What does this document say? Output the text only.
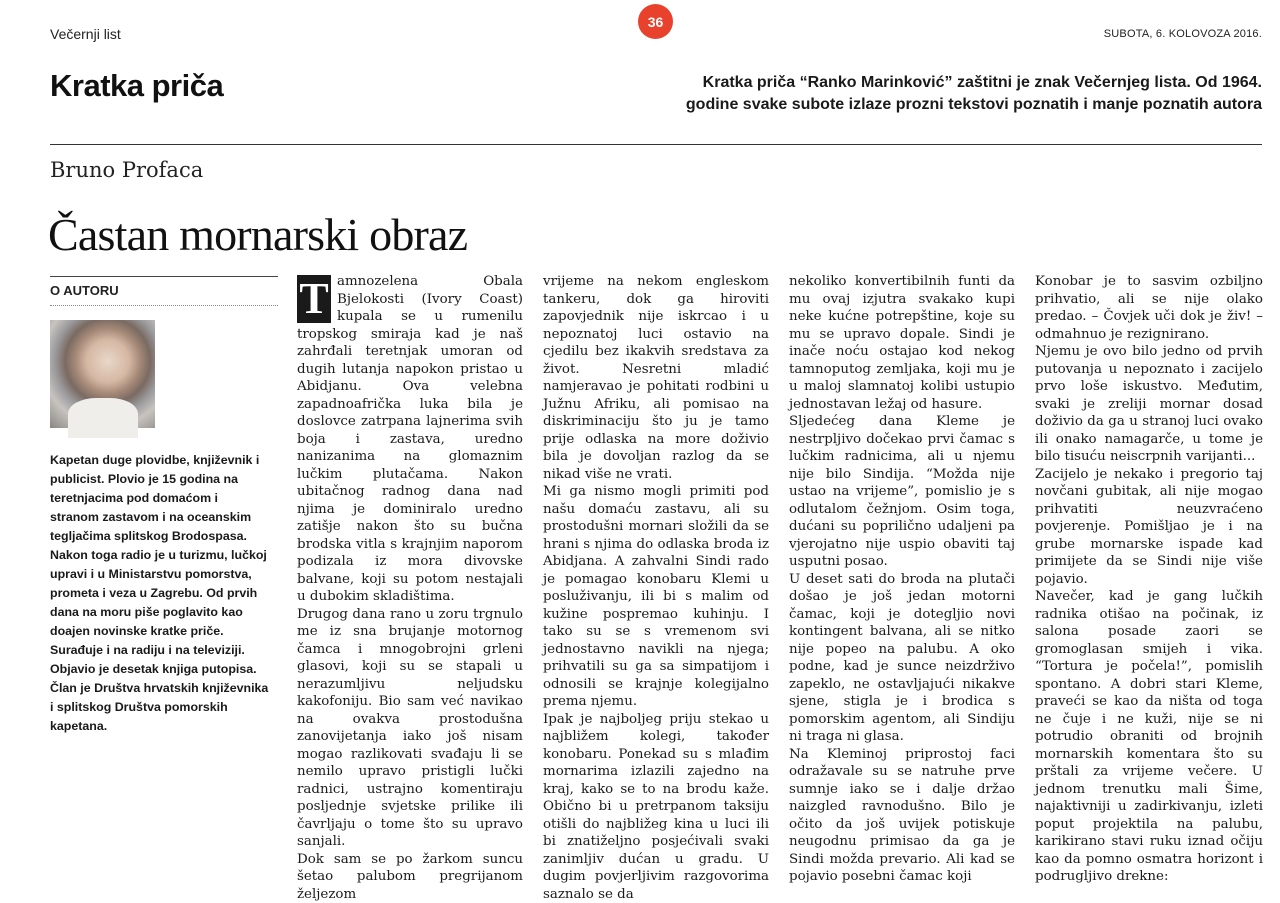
Večernji list
36
SUBOTA, 6. KOLOVOZA 2016.
Kratka priča	Kratka priča “Ranko Marinković” zaštitni je znak Večernjeg lista. Od 1964. godine svake subote izlaze prozni tekstovi poznatih i manje poznatih autora
Bruno Profaca
Častan mornarski obraz
O AUTORU
Kapetan duge plovidbe, književnik i publicist. Plovio je 15 godina na teretnjacima pod domaćom i stranom zastavom i na oceanskim tegljačima splitskog Brodospasa. Nakon toga radio je u turizmu, lučkoj upravi i u Ministarstvu pomorstva, prometa i veza u Zagrebu. Od prvih dana na moru piše poglavito kao doajen novinske kratke priče. Surađuje i na radiju i na televiziji. Objavio je desetak knjiga putopisa. Član je Društva hrvatskih književnika i splitskog Društva pomorskih kapetana.

T amnozelena Obala Bjelokosti (Ivory Coast) kupala se u rumenilu tropskog smiraja kad je naš zahrđali teretnjak umoran od dugih lutanja napokon pristao u Abidjanu. Ova velebna zapadnoafrička luka bila je doslovce zatrpana lajnerima svih boja i zastava, uredno nanizanima na glomaznim lučkim plutačama. Nakon ubitačnog radnog dana nad njima je dominiralo uredno zatišje nakon što su bučna brodska vitla s krajnjim naporom podizala iz mora divovske balvane, koji su potom nestajali u dubokim skladištima.

Drugog dana rano u zoru trgnulo me iz sna brujanje motornog čamca i mnogobrojni grleni glasovi, koji su se stapali u nerazumljivu neljudsku kakofoniju. Bio sam već navikao na ovakva prostodušna zanovijetanja iako još nisam mogao razlikovati svađaju li se nemilo upravo pristigli lučki radnici, ustrajno komentiraju posljednje svjetske prilike ili čavrljaju o tome što su upravo sanjali.

Dok sam se po žarkom suncu šetao palubom pregrijanom željezom

vrijeme na nekom engleskom tankeru, dok ga hiroviti zapovjednik nije iskrcao i u nepoznatoj luci ostavio na cjedilu bez ikakvih sredstava za život. Nesretni mladić namjeravao je pohitati rodbini u Južnu Afriku, ali pomisao na diskriminaciju što ju je tamo prije odlaska na more doživio bila je dovoljan razlog da se nikad više ne vrati.

Mi ga nismo mogli primiti pod našu domaću zastavu, ali su prostodušni mornari složili da se hrani s njima do odlaska broda iz Abidjana. A zahvalni Sindi rado je pomagao konobaru Klemi u posluživanju, ili bi s malim od kužine pospremao kuhinju. I tako su se s vremenom svi jednostavno navikli na njega; prihvatili su ga sa simpatijom i odnosili se krajnje kolegijalno prema njemu.

Ipak je najboljeg priju stekao u najbližem kolegi, također konobaru. Ponekad su s mlađim mornarima izlazili zajedno na kraj, kako se to na brodu kaže. Obično bi u pretrpanom taksiju otišli do najbližeg kina u luci ili bi znatiželjno posjećivali svaki zanimljiv dućan u gradu. U dugim povjerljivim razgovorima saznalo se da

nekoliko konvertibilnih funti da mu ovaj izjutra svakako kupi neke kućne potrepštine, koje su mu se upravo dopale. Sindi je inače noću ostajao kod nekog tamnoputog zemljaka, koji mu je u maloj slamnatoj kolibi ustupio jednostavan ležaj od hasure.

Sljedećeg dana Kleme je nestrpljivo dočekao prvi čamac s lučkim radnicima, ali u njemu nije bilo Sindija. “Možda nije ustao na vrijeme”, pomislio je s odlutalom čežnjom. Osim toga, dućani su poprilično udaljeni pa vjerojatno nije uspio obaviti taj usputni posao.

U deset sati do broda na plutači došao je još jedan motorni čamac, koji je dotegljio novi kontingent balvana, ali se nitko nije popeo na palubu. A oko podne, kad je sunce neizdrživo zapeklo, ne ostavljajući nikakve sjene, stigla je i brodica s pomorskim agentom, ali Sindiju ni traga ni glasa.

Na Kleminoj priprostoj faci odražavale su se natruhe prve sumnje iako se i dalje držao naizgled ravnodušno. Bilo je očito da još uvijek potiskuje neugodnu primisao da ga je Sindi možda prevario. Ali kad se pojavio posebni čamac koji

Konobar je to sasvim ozbiljno prihvatio, ali se nije olako predao. – Čovjek uči dok je živ! – odmahnuo je rezignirano.

Njemu je ovo bilo jedno od prvih putovanja u nepoznato i zacijelo prvo loše iskustvo. Međutim, svaki je zreliji mornar dosad doživio da ga u stranoj luci ovako ili onako namagarče, u tome je bilo tisuću neiscrpnih varijanti...

Zacijelo je nekako i pregorio taj novčani gubitak, ali nije mogao prihvatiti neuzvraćeno povjerenje. Pomišljao je i na grube mornarske ispade kad primijete da se Sindi nije više pojavio.

Navečer, kad je gang lučkih radnika otišao na počinak, iz salona posade zaori se gromoglasan smijeh i vika. “Tortura je počela!”, pomislih spontano. A dobri stari Kleme, praveći se kao da ništa od toga ne čuje i ne kuži, nije se ni potrudio obraniti od brojnih mornarskih komentara što su prštali za vrijeme večere. U jednom trenutku mali Šime, najaktivniji u zadirkivanju, izleti poput projektila na palubu, karikirano stavi ruku iznad očiju kao da pomno osmatra horizont i podrugljivo drekne:
